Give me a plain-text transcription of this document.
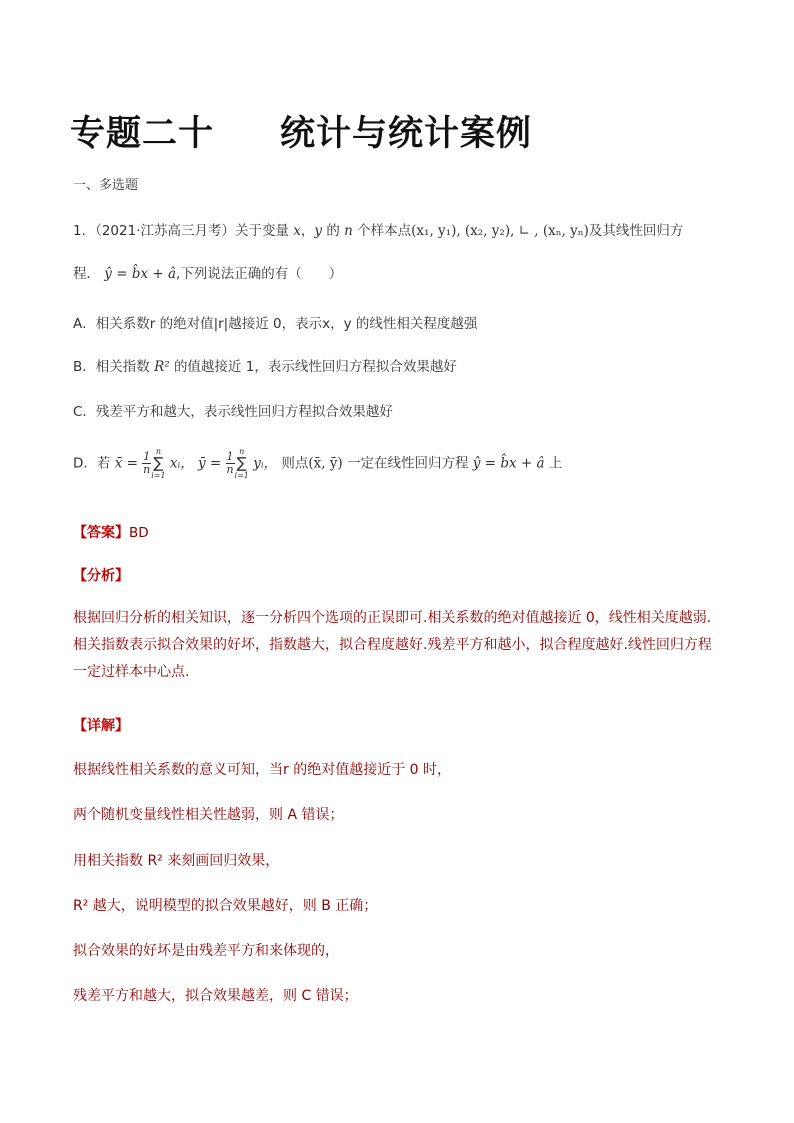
专题二十 统计与统计案例
一、多选题
1．（2021·江苏高三月考）关于变量 x，y 的 n 个样本点(x₁, y₁), (x₂, y₂), ∟ , (xₙ, yₙ)及其线性回归方
程． ŷ = b̂x + â,下列说法正确的有（　　）
A．相关系数r 的绝对值|r|越接近 0，表示x，y 的线性相关程度越强
B．相关指数 R² 的值越接近 1，表示线性回归方程拟合效果越好
C．残差平方和越大，表示线性回归方程拟合效果越好
D．若 x̄ = $\frac{1}{n}$ n
∑
i=1 xᵢ， ȳ = $\frac{1}{n}$ n
∑
i=1 yᵢ， 则点(x̄, ȳ) 一定在线性回归方程 ŷ = b̂x + â 上
【答案】BD
【分析】
根据回归分析的相关知识，逐一分析四个选项的正误即可.相关系数的绝对值越接近 0，线性相关度越弱.相关指数表示拟合效果的好坏，指数越大，拟合程度越好.残差平方和越小，拟合程度越好.线性回归方程一定过样本中心点.
【详解】
根据线性相关系数的意义可知，当r 的绝对值越接近于 0 时，
两个随机变量线性相关性越弱，则 A 错误；
用相关指数 R² 来刻画回归效果，
R² 越大，说明模型的拟合效果越好，则 B 正确；
拟合效果的好坏是由残差平方和来体现的，
残差平方和越大，拟合效果越差，则 C 错误；
